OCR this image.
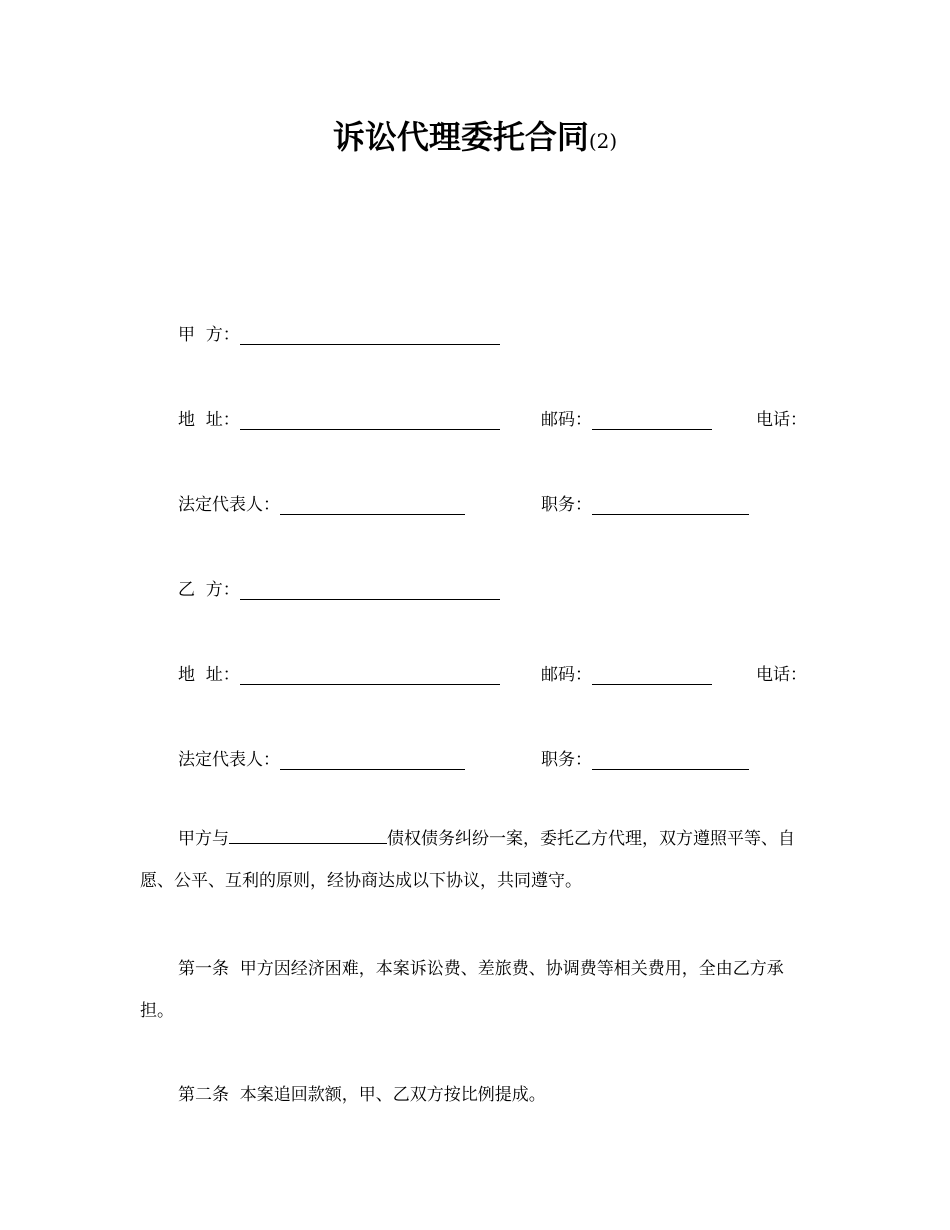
诉讼代理委托合同(2)
甲  方：
地  址：	邮码：	电话：
法定代表人：	职务：
乙  方：
地  址：	邮码：	电话：
法定代表人：	职务：
甲方与	债权债务纠纷一案，委托乙方代理，双方遵照平等、自愿、公平、互利的原则，经协商达成以下协议，共同遵守。
第一条  甲方因经济困难，本案诉讼费、差旅费、协调费等相关费用，全由乙方承担。
第二条  本案追回款额，甲、乙双方按比例提成。
